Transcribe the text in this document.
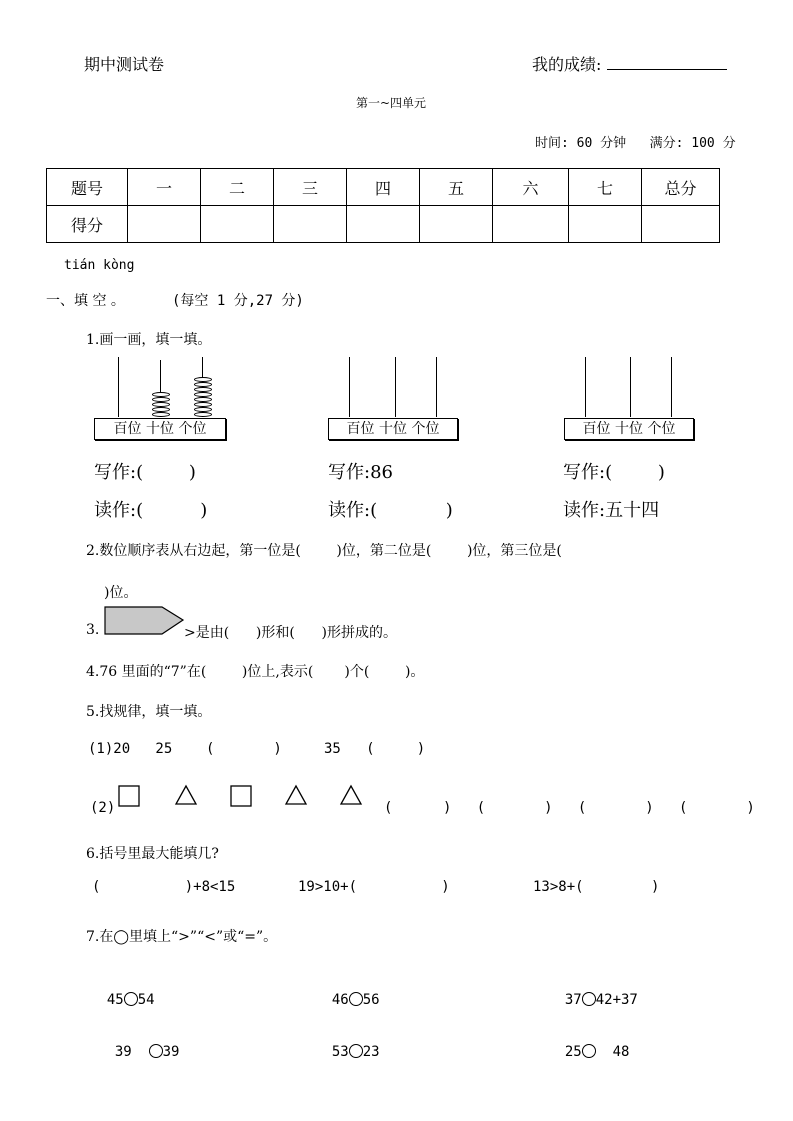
期中测试卷	我的成绩:
第一~四单元
时间: 60 分钟   满分: 100 分
题号	一	二	三	四	五	六	七	总分
得分								
tián kòng
一、填 空 。	(每空 1 分,27 分)
1.画一画，填一填。
百位 十位 个位	百位 十位 个位	百位 十位 个位
写作:(        )
读作:(          )
写作:86
读作:(            )
写作:(        )
读作:五十四
2.数位顺序表从右边起，第一位是(        )位，第二位是(        )位，第三位是(
)位。
3.	>是由(      )形和(      )形拼成的。
4.76 里面的“7”在(        )位上,表示(       )个(        )。
5.找规律，填一填。
(1)20   25    (       )     35   (     )
(2)	(      )   (       )   (       )   (       )
6.括号里最大能填几?
(          )+8<15	19>10+(          )	13>8+(        )
7.在◯里填上“>”“<”或“=”。

45 54	46 56	37 42+37

39  39	53 23	25  48
